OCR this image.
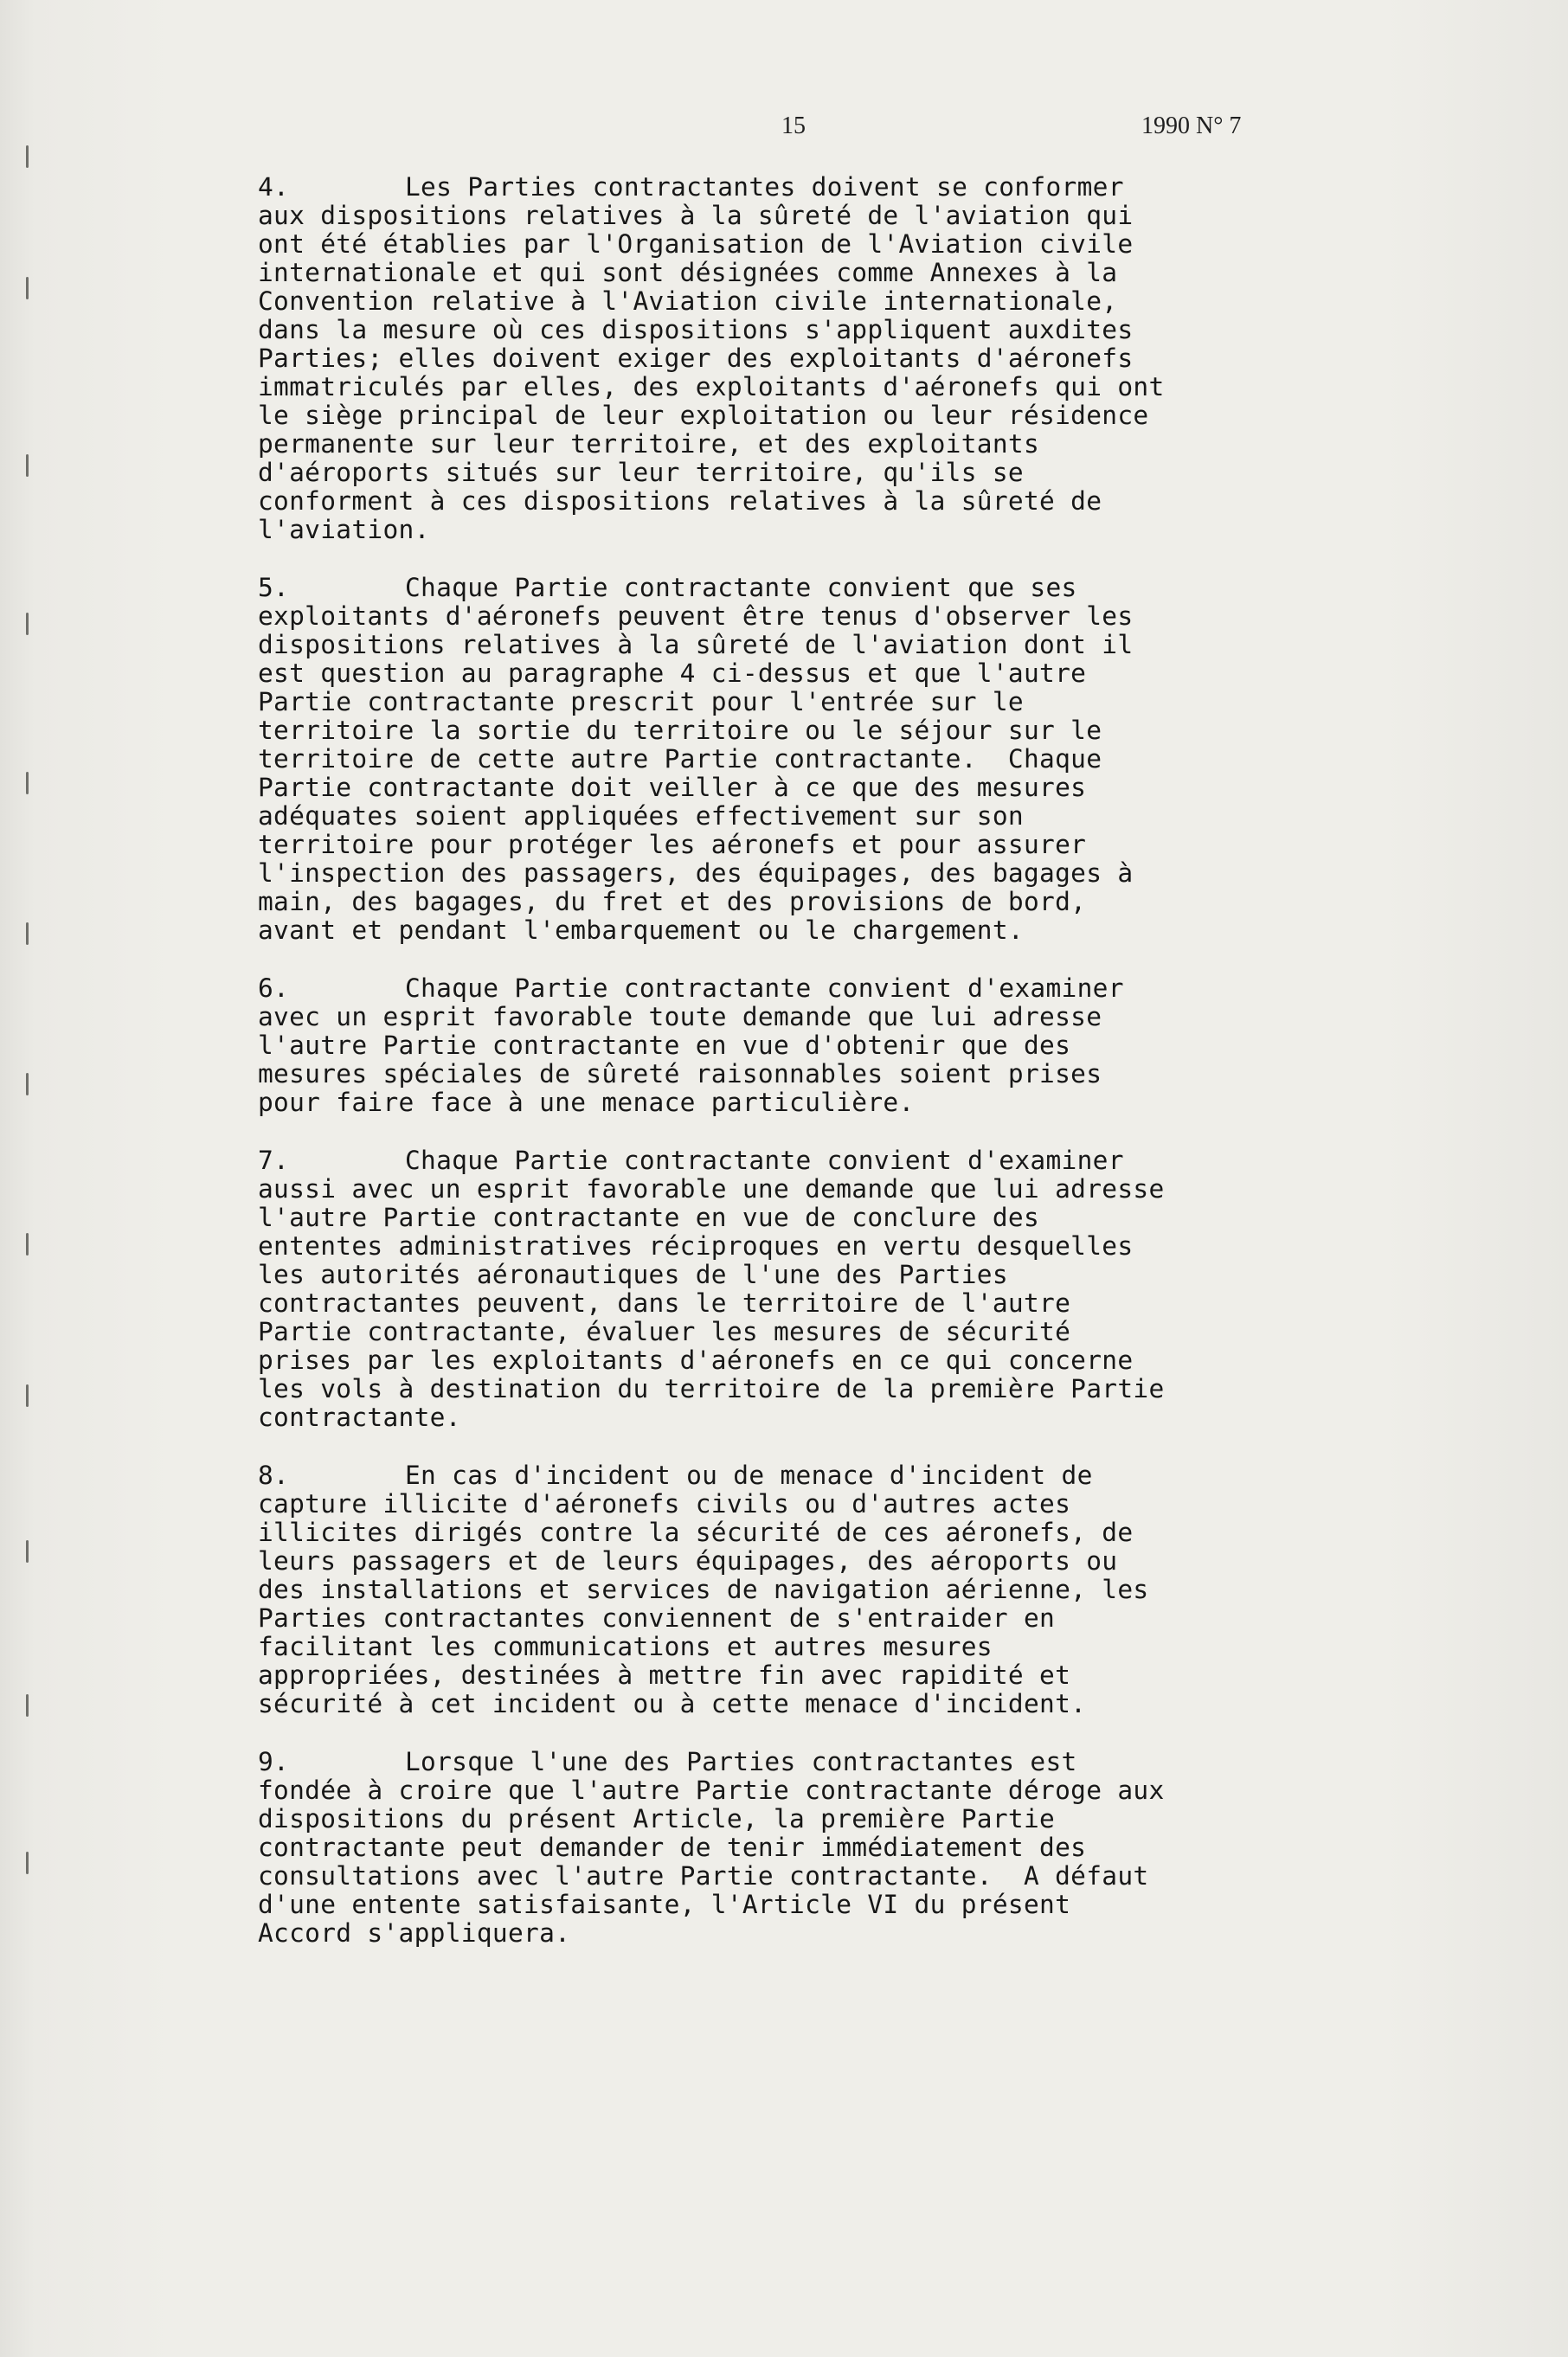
15	1990 N° 7
4.	Les Parties contractantes doivent se conformer
aux dispositions relatives à la sûreté de l'aviation qui
ont été établies par l'Organisation de l'Aviation civile
internationale et qui sont désignées comme Annexes à la
Convention relative à l'Aviation civile internationale,
dans la mesure où ces dispositions s'appliquent auxdites
Parties; elles doivent exiger des exploitants d'aéronefs
immatriculés par elles, des exploitants d'aéronefs qui ont
le siège principal de leur exploitation ou leur résidence
permanente sur leur territoire, et des exploitants
d'aéroports situés sur leur territoire, qu'ils se
conforment à ces dispositions relatives à la sûreté de
l'aviation.
5.	Chaque Partie contractante convient que ses
exploitants d'aéronefs peuvent être tenus d'observer les
dispositions relatives à la sûreté de l'aviation dont il
est question au paragraphe 4 ci-dessus et que l'autre
Partie contractante prescrit pour l'entrée sur le
territoire la sortie du territoire ou le séjour sur le
territoire de cette autre Partie contractante.  Chaque
Partie contractante doit veiller à ce que des mesures
adéquates soient appliquées effectivement sur son
territoire pour protéger les aéronefs et pour assurer
l'inspection des passagers, des équipages, des bagages à
main, des bagages, du fret et des provisions de bord,
avant et pendant l'embarquement ou le chargement.
6.	Chaque Partie contractante convient d'examiner
avec un esprit favorable toute demande que lui adresse
l'autre Partie contractante en vue d'obtenir que des
mesures spéciales de sûreté raisonnables soient prises
pour faire face à une menace particulière.
7.	Chaque Partie contractante convient d'examiner
aussi avec un esprit favorable une demande que lui adresse
l'autre Partie contractante en vue de conclure des
ententes administratives réciproques en vertu desquelles
les autorités aéronautiques de l'une des Parties
contractantes peuvent, dans le territoire de l'autre
Partie contractante, évaluer les mesures de sécurité
prises par les exploitants d'aéronefs en ce qui concerne
les vols à destination du territoire de la première Partie
contractante.
8.	En cas d'incident ou de menace d'incident de
capture illicite d'aéronefs civils ou d'autres actes
illicites dirigés contre la sécurité de ces aéronefs, de
leurs passagers et de leurs équipages, des aéroports ou
des installations et services de navigation aérienne, les
Parties contractantes conviennent de s'entraider en
facilitant les communications et autres mesures
appropriées, destinées à mettre fin avec rapidité et
sécurité à cet incident ou à cette menace d'incident.
9.	Lorsque l'une des Parties contractantes est
fondée à croire que l'autre Partie contractante déroge aux
dispositions du présent Article, la première Partie
contractante peut demander de tenir immédiatement des
consultations avec l'autre Partie contractante.  A défaut
d'une entente satisfaisante, l'Article VI du présent
Accord s'appliquera.
